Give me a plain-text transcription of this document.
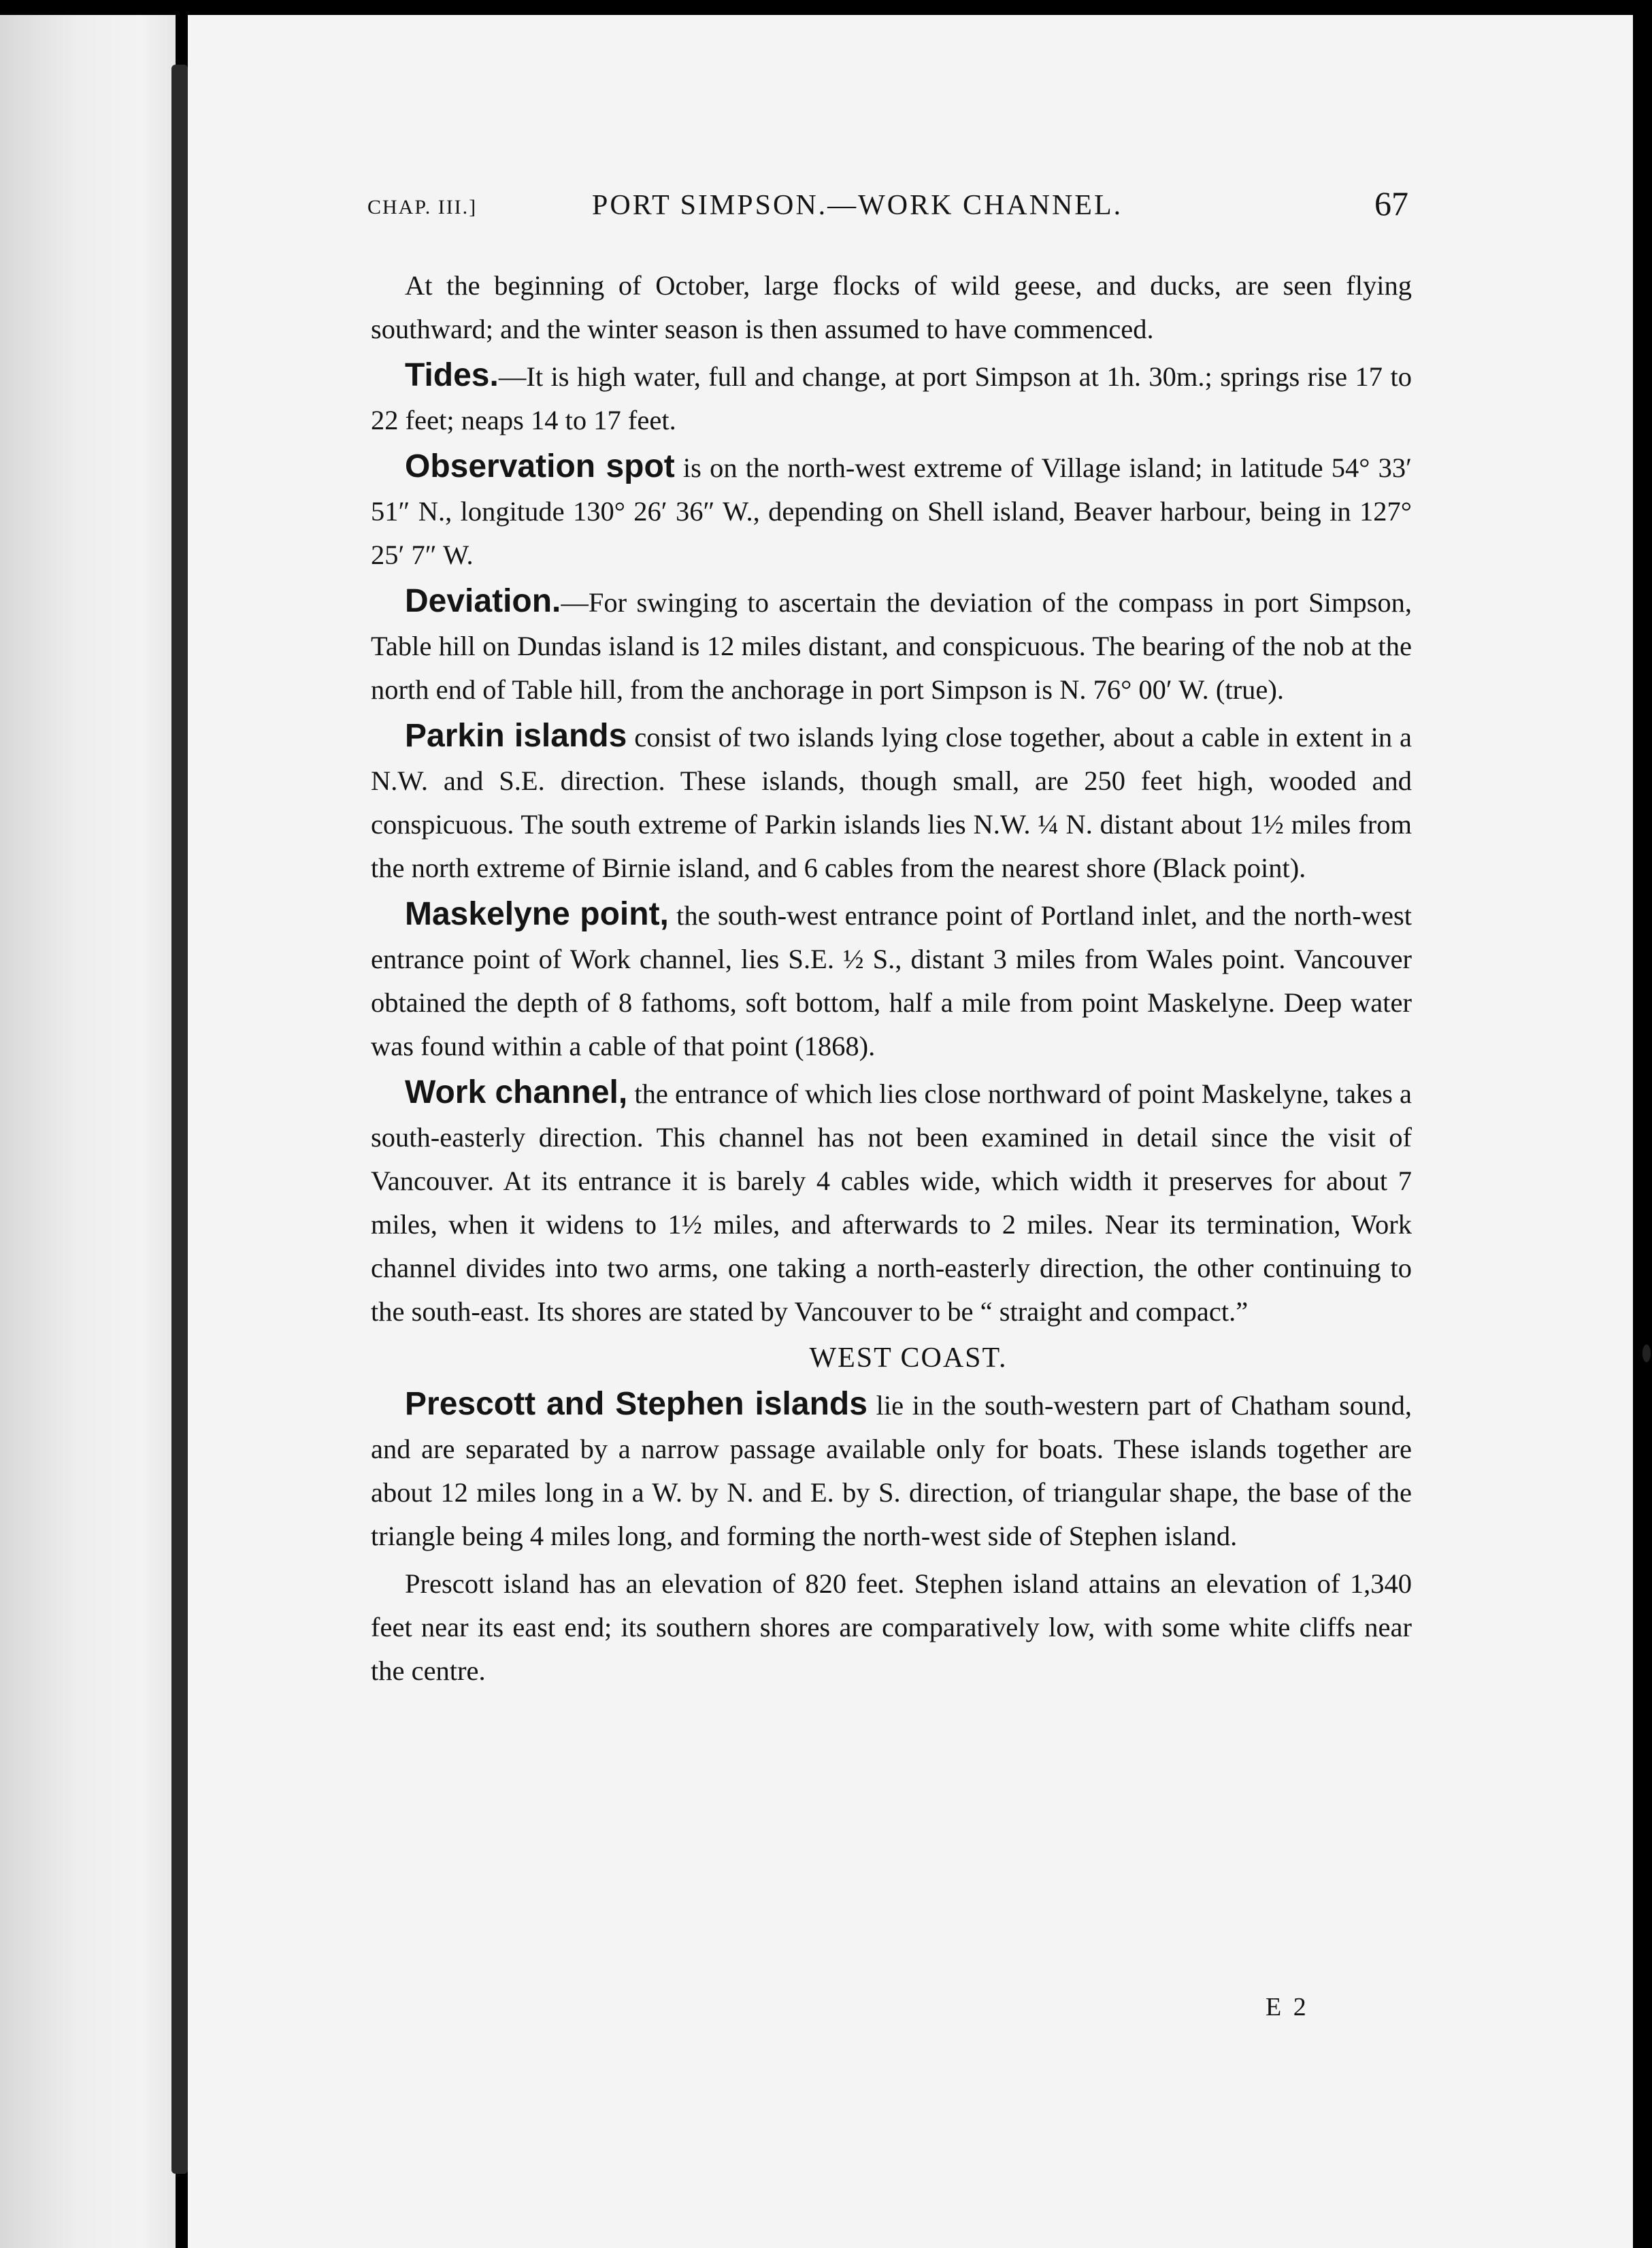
CHAP. III.]	PORT SIMPSON.—WORK CHANNEL.	67

At the beginning of October, large flocks of wild geese, and ducks, are seen flying southward; and the winter season is then assumed to have commenced.

Tides.—It is high water, full and change, at port Simpson at 1h. 30m.; springs rise 17 to 22 feet; neaps 14 to 17 feet.

Observation spot is on the north-west extreme of Village island; in latitude 54° 33′ 51″ N., longitude 130° 26′ 36″ W., depending on Shell island, Beaver harbour, being in 127° 25′ 7″ W.

Deviation.—For swinging to ascertain the deviation of the compass in port Simpson, Table hill on Dundas island is 12 miles distant, and conspicuous. The bearing of the nob at the north end of Table hill, from the anchorage in port Simpson is N. 76° 00′ W. (true).

Parkin islands consist of two islands lying close together, about a cable in extent in a N.W. and S.E. direction. These islands, though small, are 250 feet high, wooded and conspicuous. The south extreme of Parkin islands lies N.W. ¼ N. distant about 1½ miles from the north extreme of Birnie island, and 6 cables from the nearest shore (Black point).

Maskelyne point, the south-west entrance point of Portland inlet, and the north-west entrance point of Work channel, lies S.E. ½ S., distant 3 miles from Wales point. Vancouver obtained the depth of 8 fathoms, soft bottom, half a mile from point Maskelyne. Deep water was found within a cable of that point (1868).

Work channel, the entrance of which lies close northward of point Maskelyne, takes a south-easterly direction. This channel has not been examined in detail since the visit of Vancouver. At its entrance it is barely 4 cables wide, which width it preserves for about 7 miles, when it widens to 1½ miles, and afterwards to 2 miles. Near its termination, Work channel divides into two arms, one taking a north-easterly direction, the other continuing to the south-east. Its shores are stated by Vancouver to be “ straight and compact.”

WEST COAST.

Prescott and Stephen islands lie in the south-western part of Chatham sound, and are separated by a narrow passage available only for boats. These islands together are about 12 miles long in a W. by N. and E. by S. direction, of triangular shape, the base of the triangle being 4 miles long, and forming the north-west side of Stephen island.

Prescott island has an elevation of 820 feet. Stephen island attains an elevation of 1,340 feet near its east end; its southern shores are comparatively low, with some white cliffs near the centre.

E 2
